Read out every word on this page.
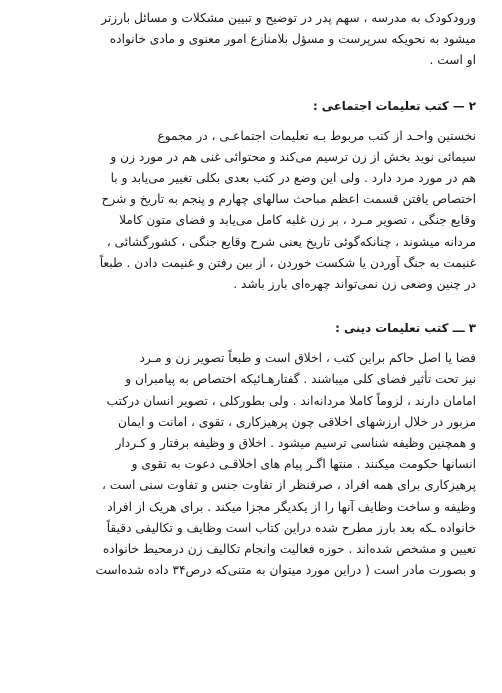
ورودکودک به مدرسه ، سهم پدر در توضیح و تبیین مشکلات و مسائل بارزتر
میشود به نحویکه سرپرست و مسؤل بلامنازع امور معنوی و مادی خانواده
او است .

۲ — کتب تعلیمات اجتماعی :

نخستین واحـد از کتب مربوط بـه تعلیمات اجتماعـی ، در مجموع
سیمائی نوید بخش از زن ترسیم می‌کند و محتوائی غنی هم در مورد زن و
هم در مورد مرد دارد . ولی این وضع در کتب بعدی بکلی تغییر می‌یابد و با
اختصاص یافتن قسمت اعظم مباحث سالهای چهارم و پنجم به تاریخ و شرح
وقایع جنگی ، تصویر مـرد ، بر زن غلبه کامل می‌یابد و فضای متون کاملا
مردانه میشوند ، چنانکه‌گوئی تاریخ یعنی شرح وقایع جنگی ، کشورگشائی ،
غنیمت به جنگ آوردن یا شکست خوردن ، از بین رفتن و غنیمت دادن . طبعاً
در چنین وضعی زن نمی‌تواند چهره‌ای بارز باشد .

۳ ـــ کتب تعلیمات دینی :

فضا یا اصل حاکم براین کتب ، اخلاق است و طبعاً تصویر زن و مـرد
نیز تحت تأثیر فضای کلی میباشند . گفتارهـائیکه اختصاص به پیامبران و
امامان دارند ، لزوماً کاملا مردانه‌اند . ولی بطورکلی ، تصویر انسان درکتب
مزبور در خلال ارزشهای اخلاقی چون پرهیزکاری ، تقوی ، امانت و ایمان
و همچنین وظیفه شناسی ترسیم میشود . اخلاق و وظیفه برفتار و کـردار
انسانها حکومت میکنند . منتها اگـر پیام های اخلاقـی دعوت به تقوی و
پرهیزکاری برای همه افراد ، صرفنظر از تفاوت جنس و تفاوت سنی است ،
وظیفه و ساخت وظایف آنها را از یکدیگر مجزا میکند . برای هریک از افراد
خانواده ـکه بعد بارز مطرح شده دراین کتاب است وظایف و تکالیفی دقیقاً
تعیین و مشخص شده‌اند . حوزه فعالیت وانجام تکالیف زن درمحیط خانواده
و بصورت مادر است ( دراین مورد میتوان به متنی‌که درص۳۴ داده شده‌است
